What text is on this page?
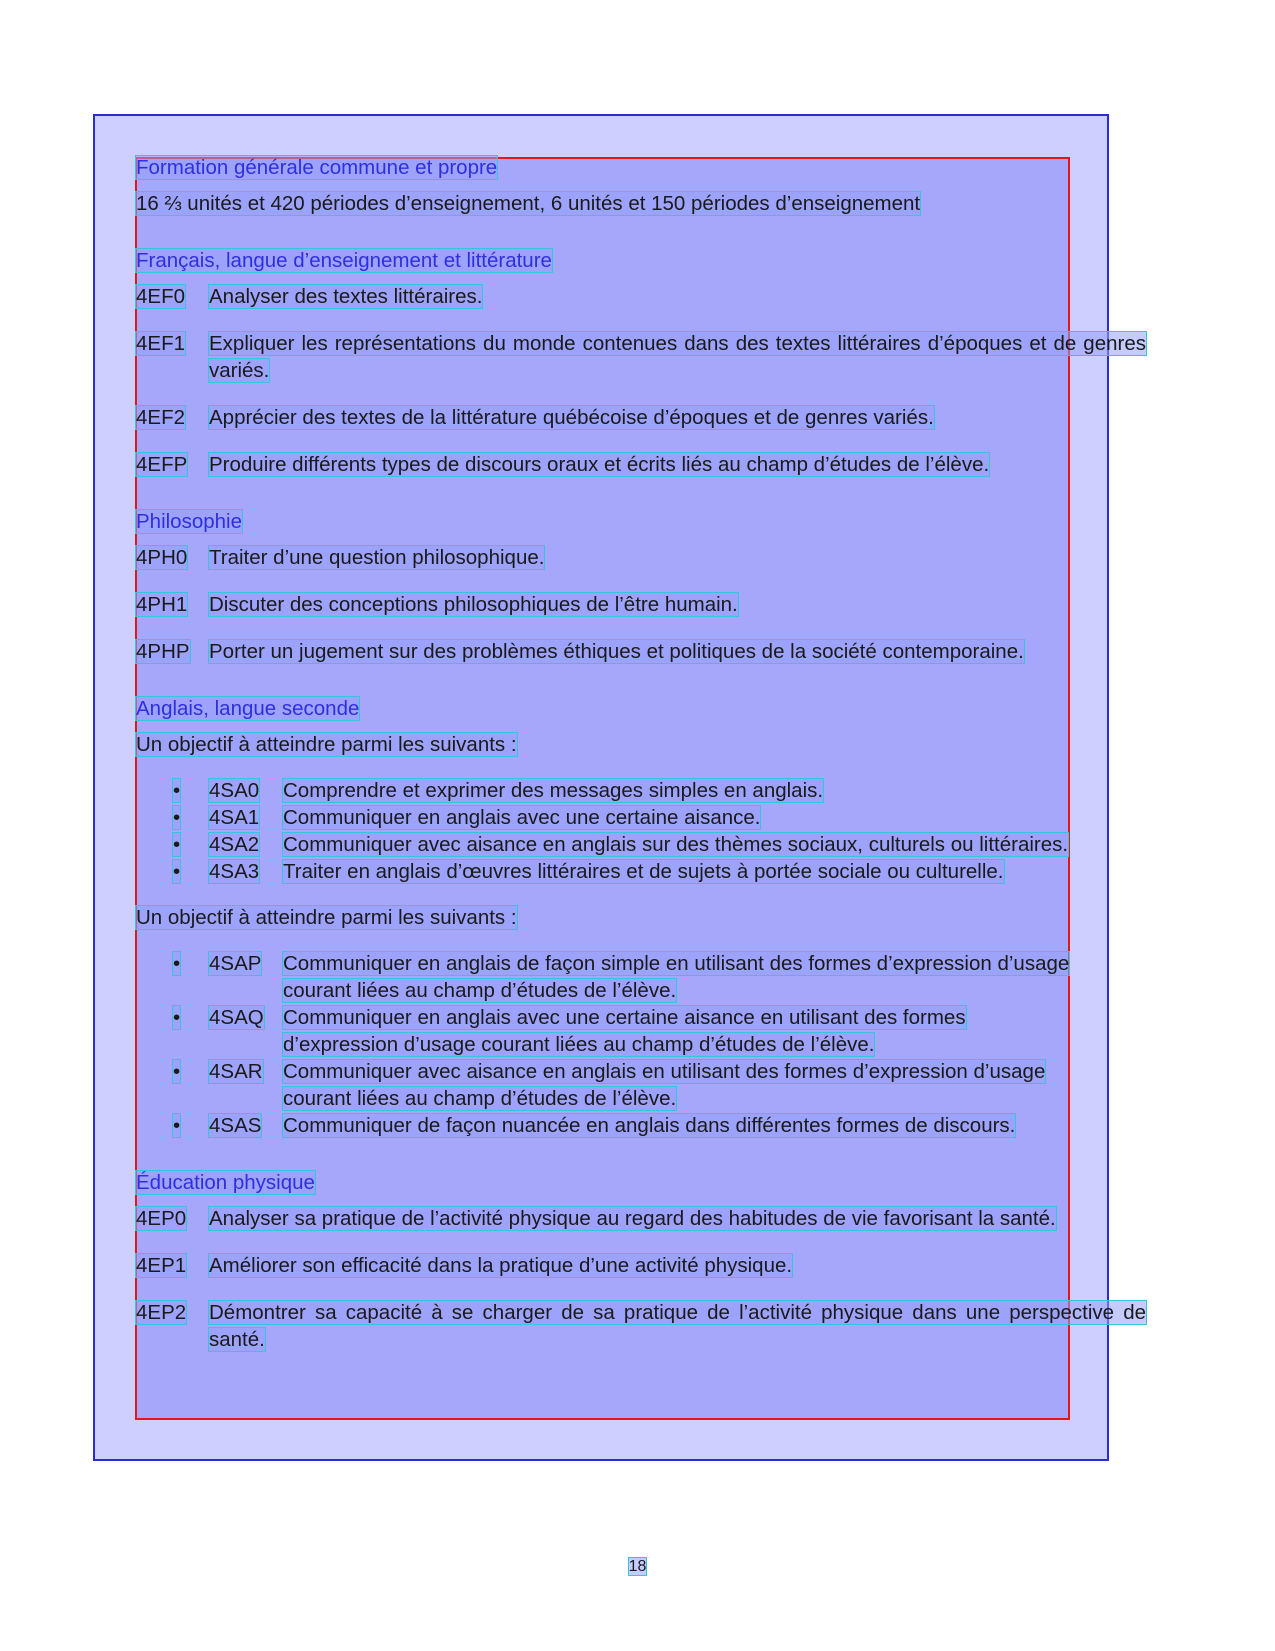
Formation générale commune et propre

16 ⅔ unités et 420 périodes d’enseignement, 6 unités et 150 périodes d’enseignement

Français, langue d’enseignement et littérature

4EF0	Analyser des textes littéraires.
4EF1	Expliquer les représentations du monde contenues dans des textes littéraires d’époques et de genres variés.
4EF2	Apprécier des textes de la littérature québécoise d’époques et de genres variés.
4EFP	Produire différents types de discours oraux et écrits liés au champ d’études de l’élève.

Philosophie

4PH0	Traiter d’une question philosophique.
4PH1	Discuter des conceptions philosophiques de l’être humain.
4PHP Porter un jugement sur des problèmes éthiques et politiques de la société contemporaine.

Anglais, langue seconde

Un objectif à atteindre parmi les suivants :

•	4SA0	Comprendre et exprimer des messages simples en anglais.
•	4SA1	Communiquer en anglais avec une certaine aisance.
•	4SA2	Communiquer avec aisance en anglais sur des thèmes sociaux, culturels ou littéraires.
•	4SA3	Traiter en anglais d’œuvres littéraires et de sujets à portée sociale ou culturelle.

Un objectif à atteindre parmi les suivants :

•	4SAP	Communiquer en anglais de façon simple en utilisant des formes d’expression d’usage courant liées au champ d’études de l’élève.
•	4SAQ Communiquer en anglais avec une certaine aisance en utilisant des formes d’expression d’usage courant liées au champ d’études de l’élève.
•	4SAR Communiquer avec aisance en anglais en utilisant des formes d’expression d’usage courant liées au champ d’études de l’élève.
•	4SAS	Communiquer de façon nuancée en anglais dans différentes formes de discours.

Éducation physique

4EP0	Analyser sa pratique de l’activité physique au regard des habitudes de vie favorisant la santé.
4EP1	Améliorer son efficacité dans la pratique d’une activité physique.
4EP2	Démontrer sa capacité à se charger de sa pratique de l’activité physique dans une perspective de santé.
18
